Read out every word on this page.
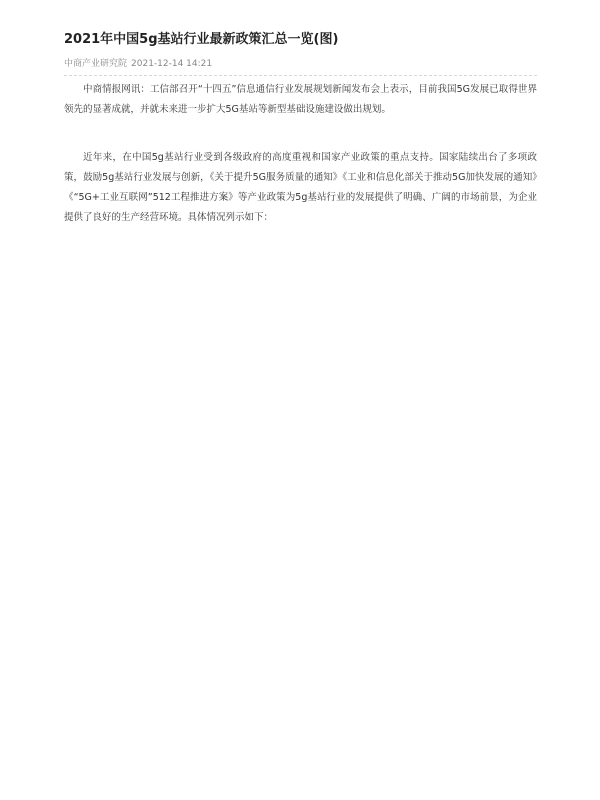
2021年中国5g基站行业最新政策汇总一览(图)
中商产业研究院 2021-12-14 14:21

中商情报网讯：工信部召开“十四五”信息通信行业发展规划新闻发布会上表示，目前我国5G发展已取得世界领先的显著成就，并就未来进一步扩大5G基站等新型基础设施建设做出规划。

近年来，在中国5g基站行业受到各级政府的高度重视和国家产业政策的重点支持。国家陆续出台了多项政策，鼓励5g基站行业发展与创新，《关于提升5G服务质量的通知》《工业和信息化部关于推动5G加快发展的通知》《“5G+工业互联网”512工程推进方案》等产业政策为5g基站行业的发展提供了明确、广阔的市场前景，为企业提供了良好的生产经营环境。具体情况列示如下：
